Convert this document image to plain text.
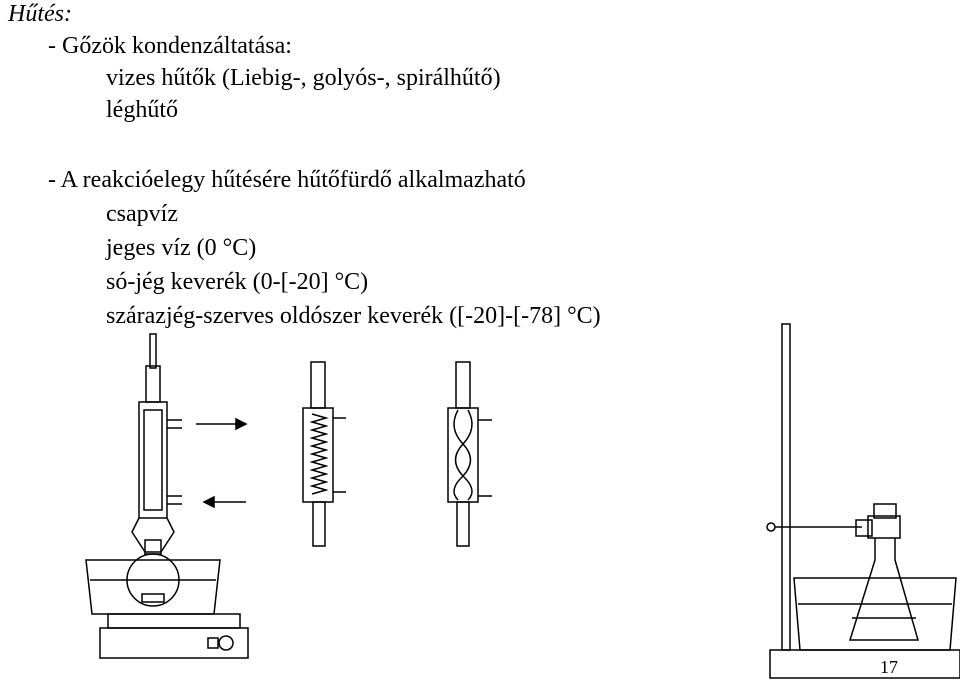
Hűtés:
- Gőzök kondenzáltatása:
vizes hűtők (Liebig-, golyós-, spirálhűtő)
léghűtő
- A reakcióelegy hűtésére hűtőfürdő alkalmazható
csapvíz
jeges víz (0 °C)
só-jég keverék (0-[-20] °C)
szárazjég-szerves oldószer keverék ([-20]-[-78] °C)
17
